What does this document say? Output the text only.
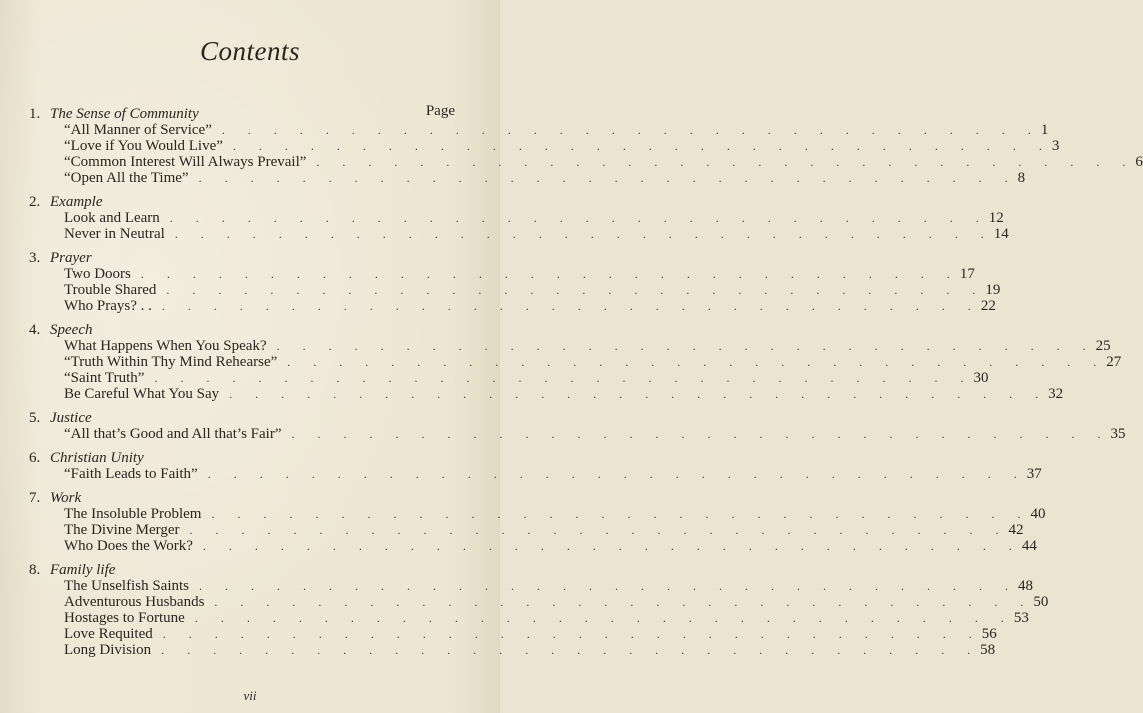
Contents
Page
1. The Sense of Community
“All Manner of Service” . . . . . . . . . . . . . . . . . . . . . . . . . . . . . . . . 1
“Love if You Would Live” . . . . . . . . . . . . . . . . . . . . . . . . . . . . . . . . 3
“Common Interest Will Always Prevail” . . . . . . . . . . . . . . . . . . . . . . . . . . . . . . . . 6
“Open All the Time” . . . . . . . . . . . . . . . . . . . . . . . . . . . . . . . . 8
2. Example
Look and Learn . . . . . . . . . . . . . . . . . . . . . . . . . . . . . . . . 12
Never in Neutral . . . . . . . . . . . . . . . . . . . . . . . . . . . . . . . . 14
3. Prayer
Two Doors . . . . . . . . . . . . . . . . . . . . . . . . . . . . . . . . 17
Trouble Shared . . . . . . . . . . . . . . . . . . . . . . . . . . . . . . . . 19
Who Prays? . . . . . . . . . . . . . . . . . . . . . . . . . . . . . . . . . . 22
4. Speech
What Happens When You Speak? . . . . . . . . . . . . . . . . . . . . . . . . . . . . . . . . 25
“Truth Within Thy Mind Rehearse” . . . . . . . . . . . . . . . . . . . . . . . . . . . . . . . . 27
“Saint Truth” . . . . . . . . . . . . . . . . . . . . . . . . . . . . . . . . 30
Be Careful What You Say . . . . . . . . . . . . . . . . . . . . . . . . . . . . . . . . 32
5. Justice
“All that’s Good and All that’s Fair” . . . . . . . . . . . . . . . . . . . . . . . . . . . . . . . . 35
6. Christian Unity
“Faith Leads to Faith” . . . . . . . . . . . . . . . . . . . . . . . . . . . . . . . . 37
7. Work
The Insoluble Problem . . . . . . . . . . . . . . . . . . . . . . . . . . . . . . . . 40
The Divine Merger . . . . . . . . . . . . . . . . . . . . . . . . . . . . . . . . 42
Who Does the Work? . . . . . . . . . . . . . . . . . . . . . . . . . . . . . . . . 44
8. Family life
The Unselfish Saints . . . . . . . . . . . . . . . . . . . . . . . . . . . . . . . . 48
Adventurous Husbands . . . . . . . . . . . . . . . . . . . . . . . . . . . . . . . . 50
Hostages to Fortune . . . . . . . . . . . . . . . . . . . . . . . . . . . . . . . . 53
Love Requited . . . . . . . . . . . . . . . . . . . . . . . . . . . . . . . . 56
Long Division . . . . . . . . . . . . . . . . . . . . . . . . . . . . . . . . 58
vii
